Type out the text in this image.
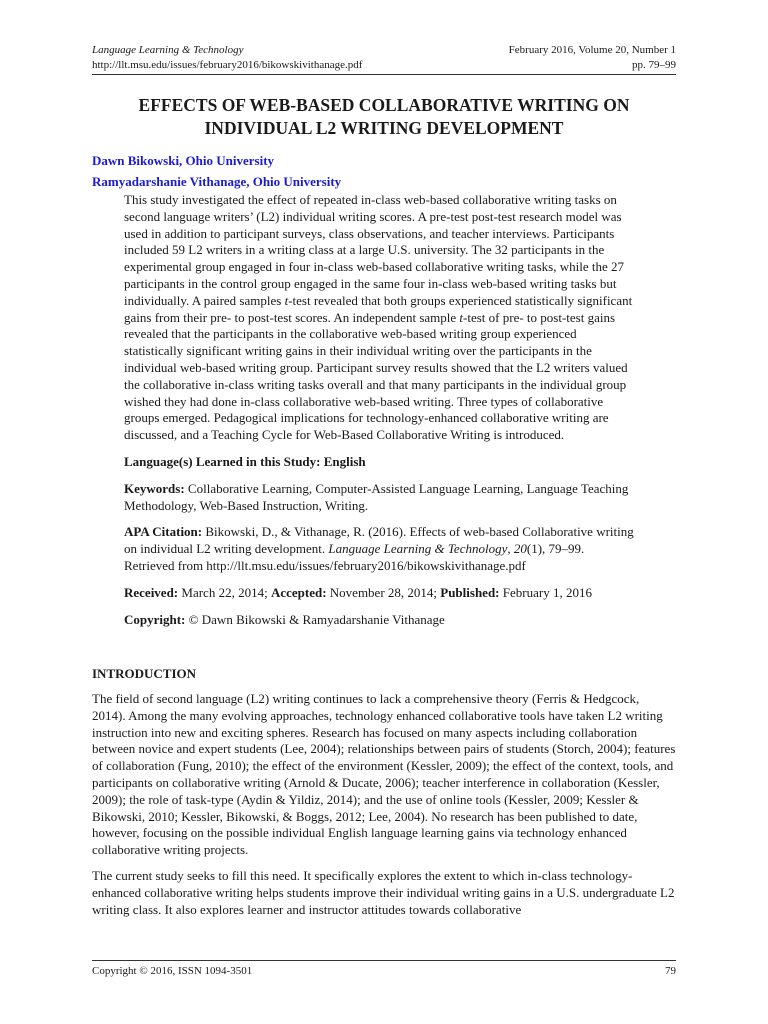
Language Learning & Technology	February 2016, Volume 20, Number 1
http://llt.msu.edu/issues/february2016/bikowskivithanage.pdf	pp. 79–99
EFFECTS OF WEB-BASED COLLABORATIVE WRITING ON
INDIVIDUAL L2 WRITING DEVELOPMENT
Dawn Bikowski, Ohio University
Ramyadarshanie Vithanage, Ohio University

This study investigated the effect of repeated in-class web-based collaborative writing tasks on second language writers’ (L2) individual writing scores. A pre-test post-test research model was used in addition to participant surveys, class observations, and teacher interviews. Participants included 59 L2 writers in a writing class at a large U.S. university. The 32 participants in the experimental group engaged in four in-class web-based collaborative writing tasks, while the 27 participants in the control group engaged in the same four in-class web-based writing tasks but individually. A paired samples t-test revealed that both groups experienced statistically significant gains from their pre- to post-test scores. An independent sample t-test of pre- to post-test gains revealed that the participants in the collaborative web-based writing group experienced statistically significant writing gains in their individual writing over the participants in the individual web-based writing group. Participant survey results showed that the L2 writers valued the collaborative in-class writing tasks overall and that many participants in the individual group wished they had done in-class collaborative web-based writing. Three types of collaborative groups emerged. Pedagogical implications for technology-enhanced collaborative writing are discussed, and a Teaching Cycle for Web-Based Collaborative Writing is introduced.

Language(s) Learned in this Study: English

Keywords: Collaborative Learning, Computer-Assisted Language Learning, Language Teaching Methodology, Web-Based Instruction, Writing.

APA Citation: Bikowski, D., & Vithanage, R. (2016). Effects of web-based Collaborative writing on individual L2 writing development. Language Learning & Technology, 20(1), 79–99. Retrieved from http://llt.msu.edu/issues/february2016/bikowskivithanage.pdf

Received: March 22, 2014; Accepted: November 28, 2014; Published: February 1, 2016

Copyright: © Dawn Bikowski & Ramyadarshanie Vithanage

INTRODUCTION

The field of second language (L2) writing continues to lack a comprehensive theory (Ferris & Hedgcock, 2014). Among the many evolving approaches, technology enhanced collaborative tools have taken L2 writing instruction into new and exciting spheres. Research has focused on many aspects including collaboration between novice and expert students (Lee, 2004); relationships between pairs of students (Storch, 2004); features of collaboration (Fung, 2010); the effect of the environment (Kessler, 2009); the effect of the context, tools, and participants on collaborative writing (Arnold & Ducate, 2006); teacher interference in collaboration (Kessler, 2009); the role of task-type (Aydin & Yildiz, 2014); and the use of online tools (Kessler, 2009; Kessler & Bikowski, 2010; Kessler, Bikowski, & Boggs, 2012; Lee, 2004). No research has been published to date, however, focusing on the possible individual English language learning gains via technology enhanced collaborative writing projects.

The current study seeks to fill this need. It specifically explores the extent to which in-class technology-enhanced collaborative writing helps students improve their individual writing gains in a U.S. undergraduate L2 writing class. It also explores learner and instructor attitudes towards collaborative

Copyright © 2016, ISSN 1094-3501	79
